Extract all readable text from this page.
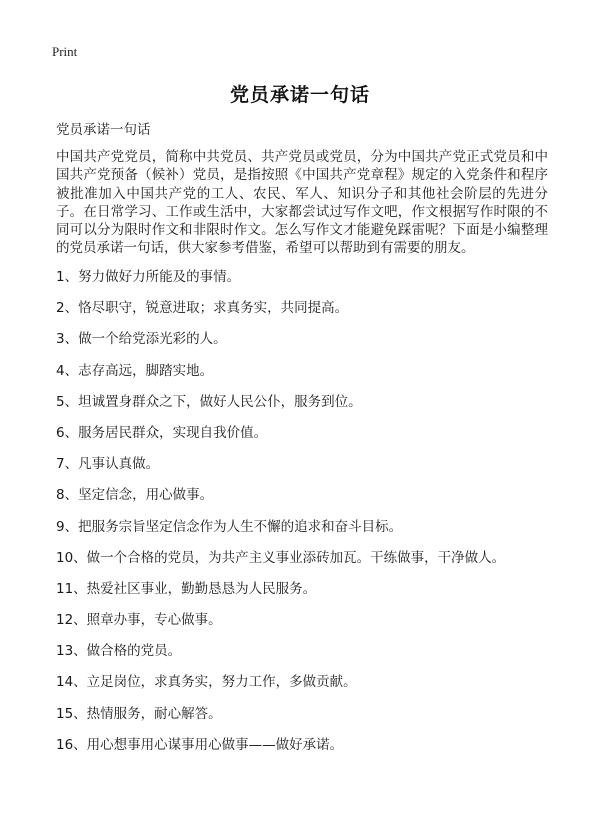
Print
党员承诺一句话
党员承诺一句话
中国共产党党员，简称中共党员、共产党员或党员，分为中国共产党正式党员和中国共产党预备（候补）党员，是指按照《中国共产党章程》规定的入党条件和程序被批准加入中国共产党的工人、农民、军人、知识分子和其他社会阶层的先进分子。在日常学习、工作或生活中，大家都尝试过写作文吧，作文根据写作时限的不同可以分为限时作文和非限时作文。怎么写作文才能避免踩雷呢？下面是小编整理的党员承诺一句话，供大家参考借鉴，希望可以帮助到有需要的朋友。
1、努力做好力所能及的事情。
2、恪尽职守，锐意进取；求真务实，共同提高。
3、做一个给党添光彩的人。
4、志存高远，脚踏实地。
5、坦诚置身群众之下，做好人民公仆，服务到位。
6、服务居民群众，实现自我价值。
7、凡事认真做。
8、坚定信念，用心做事。
9、把服务宗旨坚定信念作为人生不懈的追求和奋斗目标。
10、做一个合格的党员，为共产主义事业添砖加瓦。干练做事，干净做人。
11、热爱社区事业，勤勤恳恳为人民服务。
12、照章办事，专心做事。
13、做合格的党员。
14、立足岗位，求真务实，努力工作，多做贡献。
15、热情服务，耐心解答。
16、用心想事用心谋事用心做事——做好承诺。
